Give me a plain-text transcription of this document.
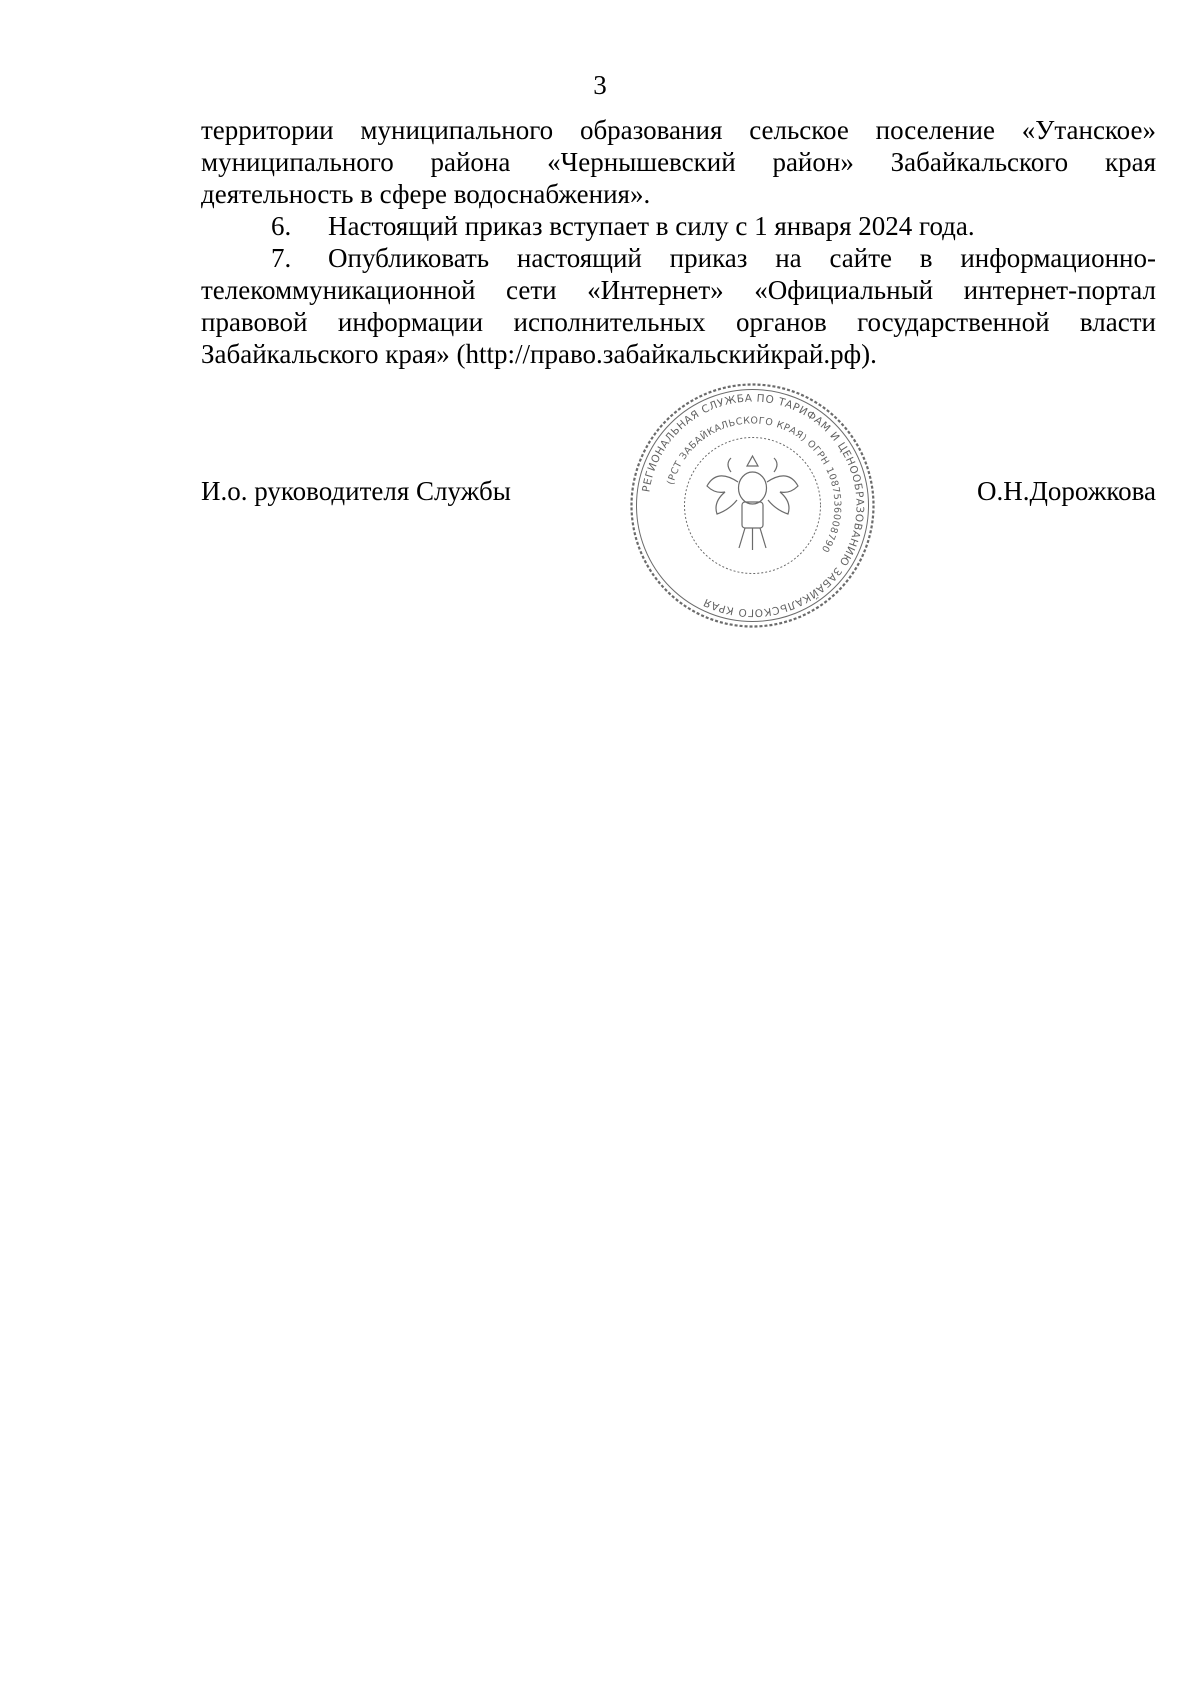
3

территории муниципального образования сельское поселение «Утанское» муниципального района «Чернышевский район» Забайкальского края деятельность в сфере водоснабжения».

6. Настоящий приказ вступает в силу с 1 января 2024 года.

7. Опубликовать настоящий приказ на сайте в информационно-телекоммуникационной сети «Интернет» «Официальный интернет-портал правовой информации исполнительных органов государственной власти Забайкальского края» (http://право.забайкальскийкрай.рф).

И.о. руководителя Службы	О.Н.Дорожкова
РЕГИОНАЛЬНАЯ СЛУЖБА ПО ТАРИФАМ И ЦЕНООБРАЗОВАНИЮ ЗАБАЙКАЛЬСКОГО КРАЯ
(РСТ ЗАБАЙКАЛЬСКОГО КРАЯ) ОГРН 1087536008790
